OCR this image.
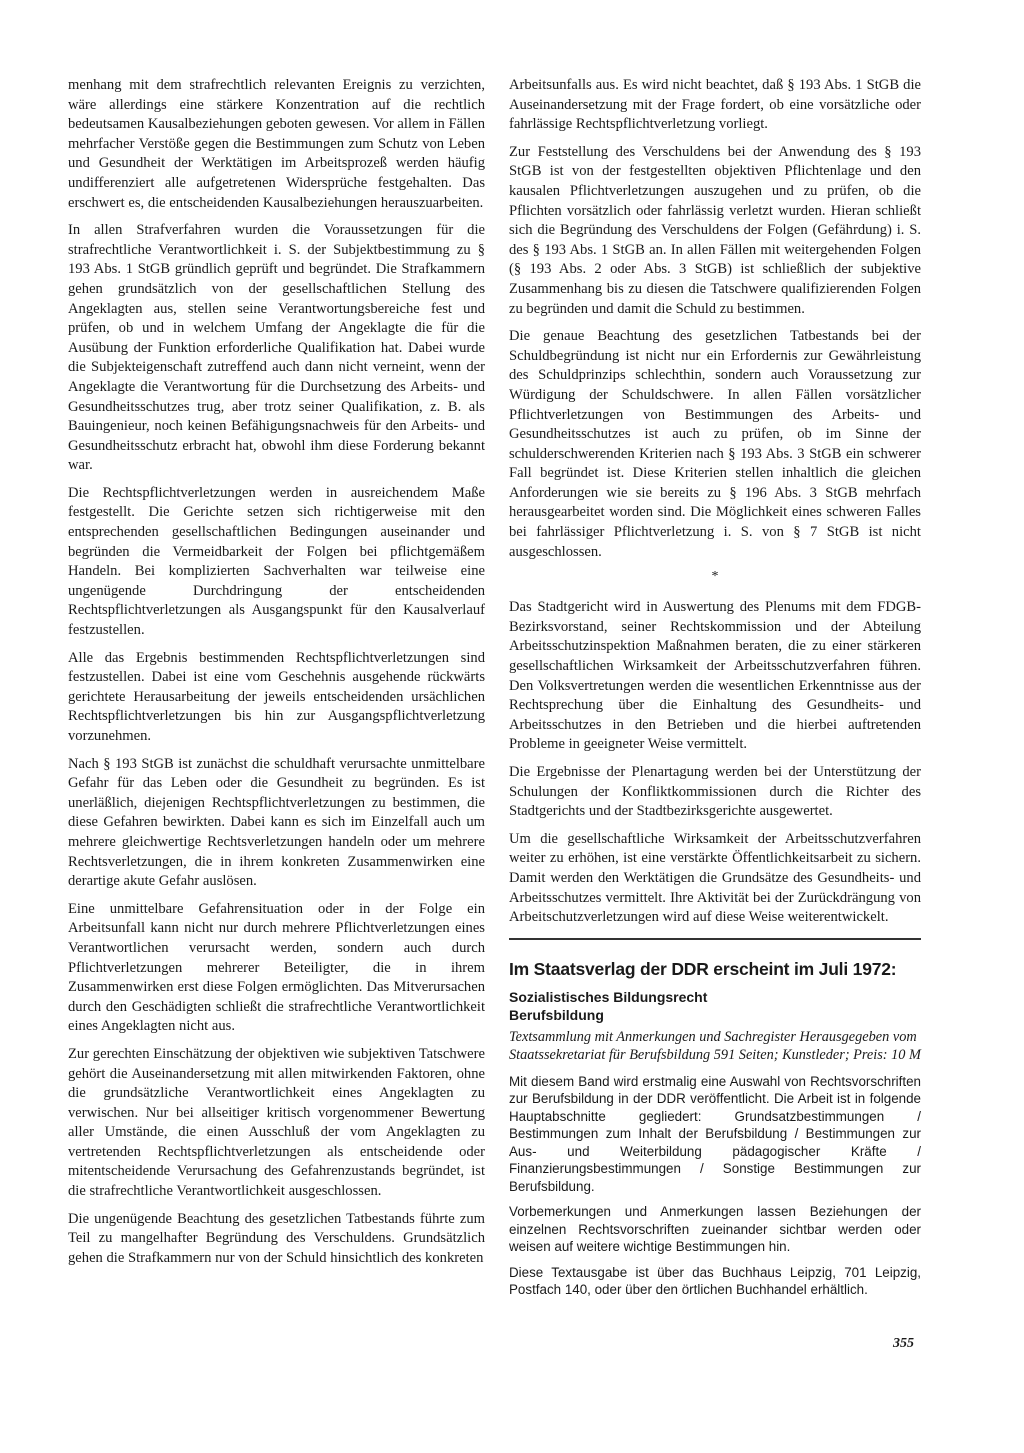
menhang mit dem strafrechtlich relevanten Ereignis zu verzichten, wäre allerdings eine stärkere Konzentration auf die rechtlich bedeutsamen Kausalbeziehungen geboten gewesen. Vor allem in Fällen mehrfacher Verstöße gegen die Bestimmungen zum Schutz von Leben und Gesundheit der Werktätigen im Arbeitsprozeß werden häufig undifferenziert alle aufgetretenen Widersprüche festgehalten. Das erschwert es, die entscheidenden Kausalbeziehungen herauszuarbeiten.

In allen Strafverfahren wurden die Voraussetzungen für die strafrechtliche Verantwortlichkeit i. S. der Subjektbestimmung zu § 193 Abs. 1 StGB gründlich geprüft und begründet. Die Strafkammern gehen grundsätzlich von der gesellschaftlichen Stellung des Angeklagten aus, stellen seine Verantwortungsbereiche fest und prüfen, ob und in welchem Umfang der Angeklagte die für die Ausübung der Funktion erforderliche Qualifikation hat. Dabei wurde die Subjekteigenschaft zutreffend auch dann nicht verneint, wenn der Angeklagte die Verantwortung für die Durchsetzung des Arbeits- und Gesundheitsschutzes trug, aber trotz seiner Qualifikation, z. B. als Bauingenieur, noch keinen Befähigungsnachweis für den Arbeits- und Gesundheitsschutz erbracht hat, obwohl ihm diese Forderung bekannt war.

Die Rechtspflichtverletzungen werden in ausreichendem Maße festgestellt. Die Gerichte setzen sich richtigerweise mit den entsprechenden gesellschaftlichen Bedingungen auseinander und begründen die Vermeidbarkeit der Folgen bei pflichtgemäßem Handeln. Bei komplizierten Sachverhalten war teilweise eine ungenügende Durchdringung der entscheidenden Rechtspflichtverletzungen als Ausgangspunkt für den Kausalverlauf festzustellen.

Alle das Ergebnis bestimmenden Rechtspflichtverletzungen sind festzustellen. Dabei ist eine vom Geschehnis ausgehende rückwärts gerichtete Herausarbeitung der jeweils entscheidenden ursächlichen Rechtspflichtverletzungen bis hin zur Ausgangspflichtverletzung vorzunehmen.

Nach § 193 StGB ist zunächst die schuldhaft verursachte unmittelbare Gefahr für das Leben oder die Gesundheit zu begründen. Es ist unerläßlich, diejenigen Rechtspflichtverletzungen zu bestimmen, die diese Gefahren bewirkten. Dabei kann es sich im Einzelfall auch um mehrere gleichwertige Rechtsverletzungen handeln oder um mehrere Rechtsverletzungen, die in ihrem konkreten Zusammenwirken eine derartige akute Gefahr auslösen.

Eine unmittelbare Gefahrensituation oder in der Folge ein Arbeitsunfall kann nicht nur durch mehrere Pflichtverletzungen eines Verantwortlichen verursacht werden, sondern auch durch Pflichtverletzungen mehrerer Beteiligter, die in ihrem Zusammenwirken erst diese Folgen ermöglichten. Das Mitverursachen durch den Geschädigten schließt die strafrechtliche Verantwortlichkeit eines Angeklagten nicht aus.

Zur gerechten Einschätzung der objektiven wie subjektiven Tatschwere gehört die Auseinandersetzung mit allen mitwirkenden Faktoren, ohne die grundsätzliche Verantwortlichkeit eines Angeklagten zu verwischen. Nur bei allseitiger kritisch vorgenommener Bewertung aller Umstände, die einen Ausschluß der vom Angeklagten zu vertretenden Rechtspflichtverletzungen als entscheidende oder mitentscheidende Verursachung des Gefahrenzustands begründet, ist die strafrechtliche Verantwortlichkeit ausgeschlossen.

Die ungenügende Beachtung des gesetzlichen Tatbestands führte zum Teil zu mangelhafter Begründung des Verschuldens. Grundsätzlich gehen die Strafkammern nur von der Schuld hinsichtlich des konkreten

Arbeitsunfalls aus. Es wird nicht beachtet, daß § 193 Abs. 1 StGB die Auseinandersetzung mit der Frage fordert, ob eine vorsätzliche oder fahrlässige Rechtspflichtverletzung vorliegt.

Zur Feststellung des Verschuldens bei der Anwendung des § 193 StGB ist von der festgestellten objektiven Pflichtenlage und den kausalen Pflichtverletzungen auszugehen und zu prüfen, ob die Pflichten vorsätzlich oder fahrlässig verletzt wurden. Hieran schließt sich die Begründung des Verschuldens der Folgen (Gefährdung) i. S. des § 193 Abs. 1 StGB an. In allen Fällen mit weitergehenden Folgen (§ 193 Abs. 2 oder Abs. 3 StGB) ist schließlich der subjektive Zusammenhang bis zu diesen die Tatschwere qualifizierenden Folgen zu begründen und damit die Schuld zu bestimmen.

Die genaue Beachtung des gesetzlichen Tatbestands bei der Schuldbegründung ist nicht nur ein Erfordernis zur Gewährleistung des Schuldprinzips schlechthin, sondern auch Voraussetzung zur Würdigung der Schuldschwere. In allen Fällen vorsätzlicher Pflichtverletzungen von Bestimmungen des Arbeits- und Gesundheitsschutzes ist auch zu prüfen, ob im Sinne der schulderschwerenden Kriterien nach § 193 Abs. 3 StGB ein schwerer Fall begründet ist. Diese Kriterien stellen inhaltlich die gleichen Anforderungen wie sie bereits zu § 196 Abs. 3 StGB mehrfach herausgearbeitet worden sind. Die Möglichkeit eines schweren Falles bei fahrlässiger Pflichtverletzung i. S. von § 7 StGB ist nicht ausgeschlossen.

*

Das Stadtgericht wird in Auswertung des Plenums mit dem FDGB-Bezirksvorstand, seiner Rechtskommission und der Abteilung Arbeitsschutzinspektion Maßnahmen beraten, die zu einer stärkeren gesellschaftlichen Wirksamkeit der Arbeitsschutzverfahren führen. Den Volksvertretungen werden die wesentlichen Erkenntnisse aus der Rechtsprechung über die Einhaltung des Gesundheits- und Arbeitsschutzes in den Betrieben und die hierbei auftretenden Probleme in geeigneter Weise vermittelt.

Die Ergebnisse der Plenartagung werden bei der Unterstützung der Schulungen der Konfliktkommissionen durch die Richter des Stadtgerichts und der Stadtbezirksgerichte ausgewertet.

Um die gesellschaftliche Wirksamkeit der Arbeitsschutzverfahren weiter zu erhöhen, ist eine verstärkte Öffentlichkeitsarbeit zu sichern. Damit werden den Werktätigen die Grundsätze des Gesundheits- und Arbeitsschutzes vermittelt. Ihre Aktivität bei der Zurückdrängung von Arbeitschutzverletzungen wird auf diese Weise weiterentwickelt.

Im Staatsverlag der DDR erscheint im Juli 1972:
Sozialistisches Bildungsrecht
Berufsbildung
Textsammlung mit Anmerkungen und Sachregister Herausgegeben vom Staatssekretariat für Berufsbildung 591 Seiten; Kunstleder; Preis: 10 M

Mit diesem Band wird erstmalig eine Auswahl von Rechtsvorschriften zur Berufsbildung in der DDR veröffentlicht. Die Arbeit ist in folgende Hauptabschnitte gegliedert: Grundsatzbestimmungen / Bestimmungen zum Inhalt der Berufsbildung / Bestimmungen zur Aus- und Weiterbildung pädagogischer Kräfte / Finanzierungsbestimmungen / Sonstige Bestimmungen zur Berufsbildung.

Vorbemerkungen und Anmerkungen lassen Beziehungen der einzelnen Rechtsvorschriften zueinander sichtbar werden oder weisen auf weitere wichtige Bestimmungen hin.

Diese Textausgabe ist über das Buchhaus Leipzig, 701 Leipzig, Postfach 140, oder über den örtlichen Buchhandel erhältlich.

355
